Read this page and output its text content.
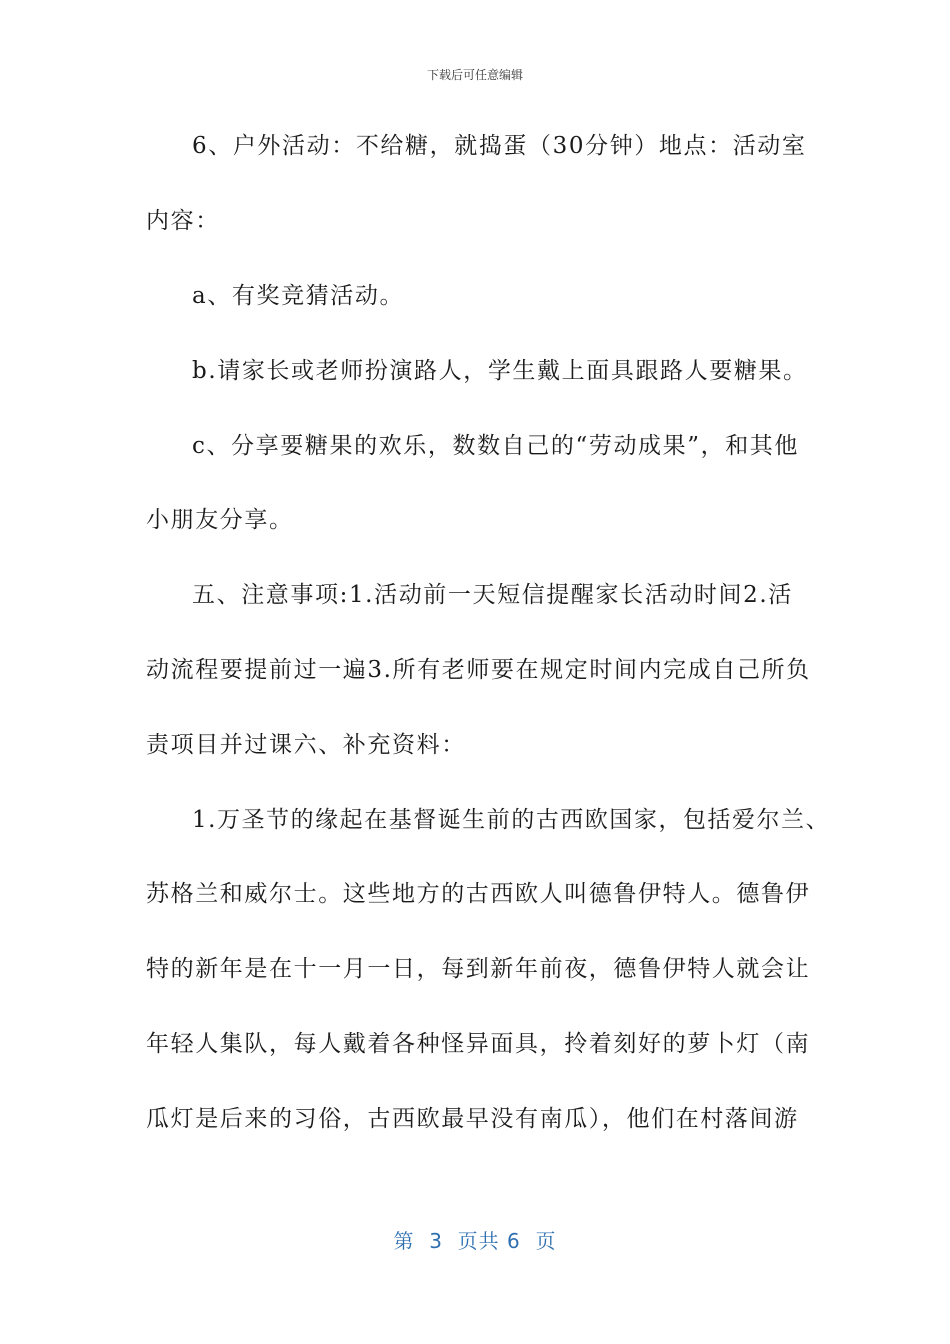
下载后可任意编辑
6、户外活动：不给糖，就捣蛋（30分钟）地点：活动室
内容：
a、有奖竞猜活动。
b.请家长或老师扮演路人，学生戴上面具跟路人要糖果。
c、分享要糖果的欢乐，数数自己的“劳动成果”，和其他
小朋友分享。
五、注意事项:1.活动前一天短信提醒家长活动时间2.活
动流程要提前过一遍3.所有老师要在规定时间内完成自己所负
责项目并过课六、补充资料：
1.万圣节的缘起在基督诞生前的古西欧国家，包括爱尔兰、
苏格兰和威尔士。这些地方的古西欧人叫德鲁伊特人。德鲁伊
特的新年是在十一月一日，每到新年前夜，德鲁伊特人就会让
年轻人集队，每人戴着各种怪异面具，拎着刻好的萝卜灯（南
瓜灯是后来的习俗，古西欧最早没有南瓜），他们在村落间游
第  3  页共 6  页
